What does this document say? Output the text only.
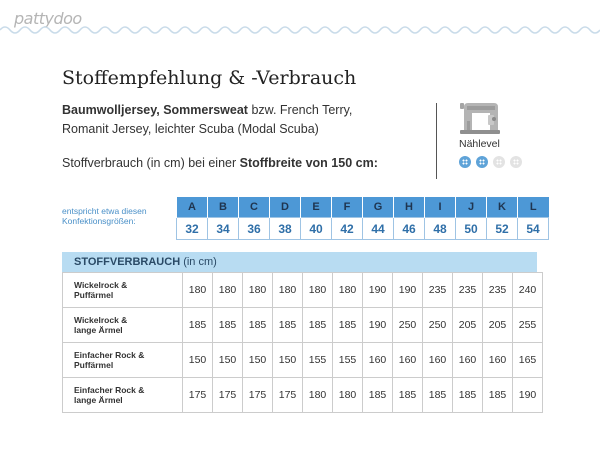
pattydoo
Stoffempfehlung & -Verbrauch
Baumwolljersey, Sommersweat bzw. French Terry,
Romanit Jersey, leichter Scuba (Modal Scuba)
Stoffverbrauch (in cm) bei einer Stoffbreite von 150 cm:
Nählevel
entspricht etwa diesen Konfektionsgrößen:
A	B	C	D	E	F	G	H	I	J	K	L
32	34	36	38	40	42	44	46	48	50	52	54
STOFFVERBRAUCH (in cm)
Wickelrock &
Puffärmel	180	180	180	180	180	180	190	190	235	235	235	240
Wickelrock &
lange Ärmel	185	185	185	185	185	185	190	250	250	205	205	255
Einfacher Rock &
Puffärmel	150	150	150	150	155	155	160	160	160	160	160	165
Einfacher Rock &
lange Ärmel	175	175	175	175	180	180	185	185	185	185	185	190
